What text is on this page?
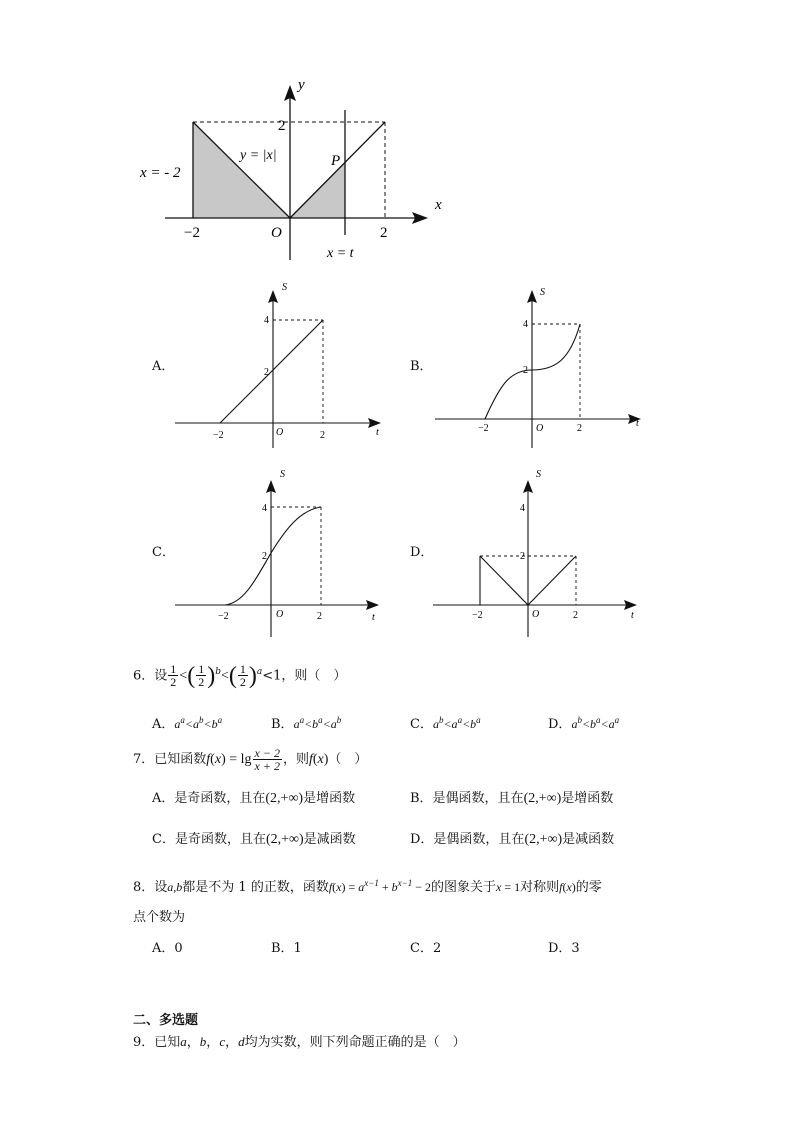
y
x
2
−2	2
O
y = |x|
x = - 2
P
x = t
A．
S
4
2
−2	O	2	t
B．
S
4
2
−2	O	2	t
C．
S
4
2
−2	O	2	t
D．
S
4
2
−2	O	2	t
6．设 $\frac{1}{2}$ <( $\frac{1}{2} )^b<( \frac{1}{2} )^a<1$，则（　）
A．$a^a<a^b<b^a$	B．$a^a<b^a<a^b$	C．$a^b<a^a<b^a$	D．$a^b<b^a<a^a$
7．已知函数$f(x) = \lg \frac{x - 2}{x + 2}$ ，则f(x)（　）
A．是奇函数，且在(2,+∞)是增函数	B．是偶函数，且在(2,+∞)是增函数
C．是奇函数，且在(2,+∞)是减函数	D．是偶函数，且在(2,+∞)是减函数
8．设a,b都是不为 1 的正数，函数$f(x) = a^{x-1} + b^{x-1} - 2$的图象关于x = 1对称则f(x)的零
点个数为
A．0	B．1	C．2	D．3
二、多选题
9．已知a，b，c，d均为实数，则下列命题正确的是（　）
